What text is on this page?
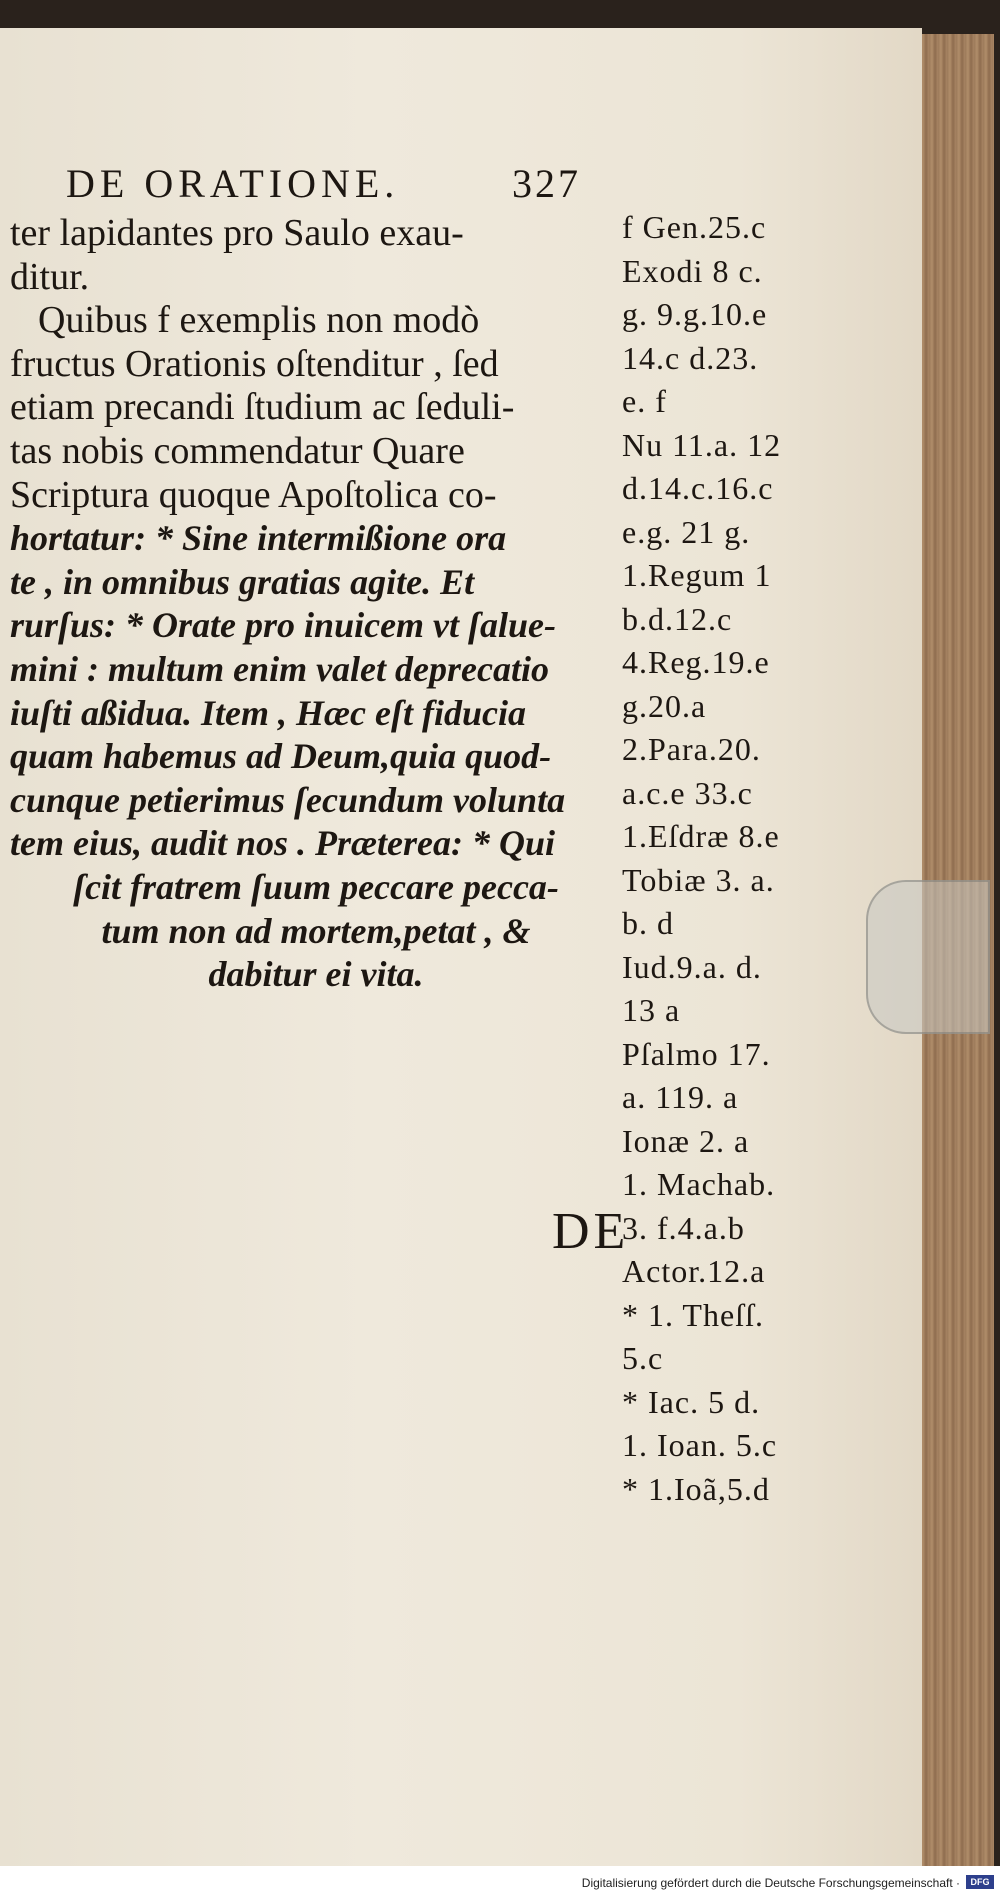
DE ORATIONE.	327
ter lapidantes pro Saulo exau-
ditur.
Quibus f exemplis non modò
fructus Orationis oſtenditur , ſed
etiam precandi ſtudium ac ſeduli-
tas nobis commendatur Quare
Scriptura quoque Apoſtolica co-
hortatur: * Sine intermißione ora
te , in omnibus gratias agite. Et
rurſus: * Orate pro inuicem vt ſalue-
mini : multum enim valet deprecatio
iuſti aßidua. Item , Hæc eſt fiducia
quam habemus ad Deum,quia quod-
cunque petierimus ſecundum volunta
tem eius, audit nos . Præterea: * Qui
ſcit fratrem ſuum peccare pecca-
tum non ad mortem,petat , &
dabitur ei vita.
f Gen.25.c
Exodi 8 c.
g. 9.g.10.e
14.c d.23.
e. f
Nu 11.a. 12
d.14.c.16.c
e.g. 21 g.
1.Regum 1
b.d.12.c
4.Reg.19.e
g.20.a
2.Para.20.
a.c.e 33.c
1.Eſdræ 8.e
Tobiæ 3. a.
b. d
Iud.9.a. d.
13 a
Pſalmo 17.
a. 119. a
Ionæ 2. a
1. Machab.
3. f.4.a.b
Actor.12.a
* 1. Theſſ.
5.c
* Iac. 5 d.
1. Ioan. 5.c
* 1.Ioã,5.d
DE
Digitalisierung gefördert durch die Deutsche Forschungsgemeinschaft ·	DFG
